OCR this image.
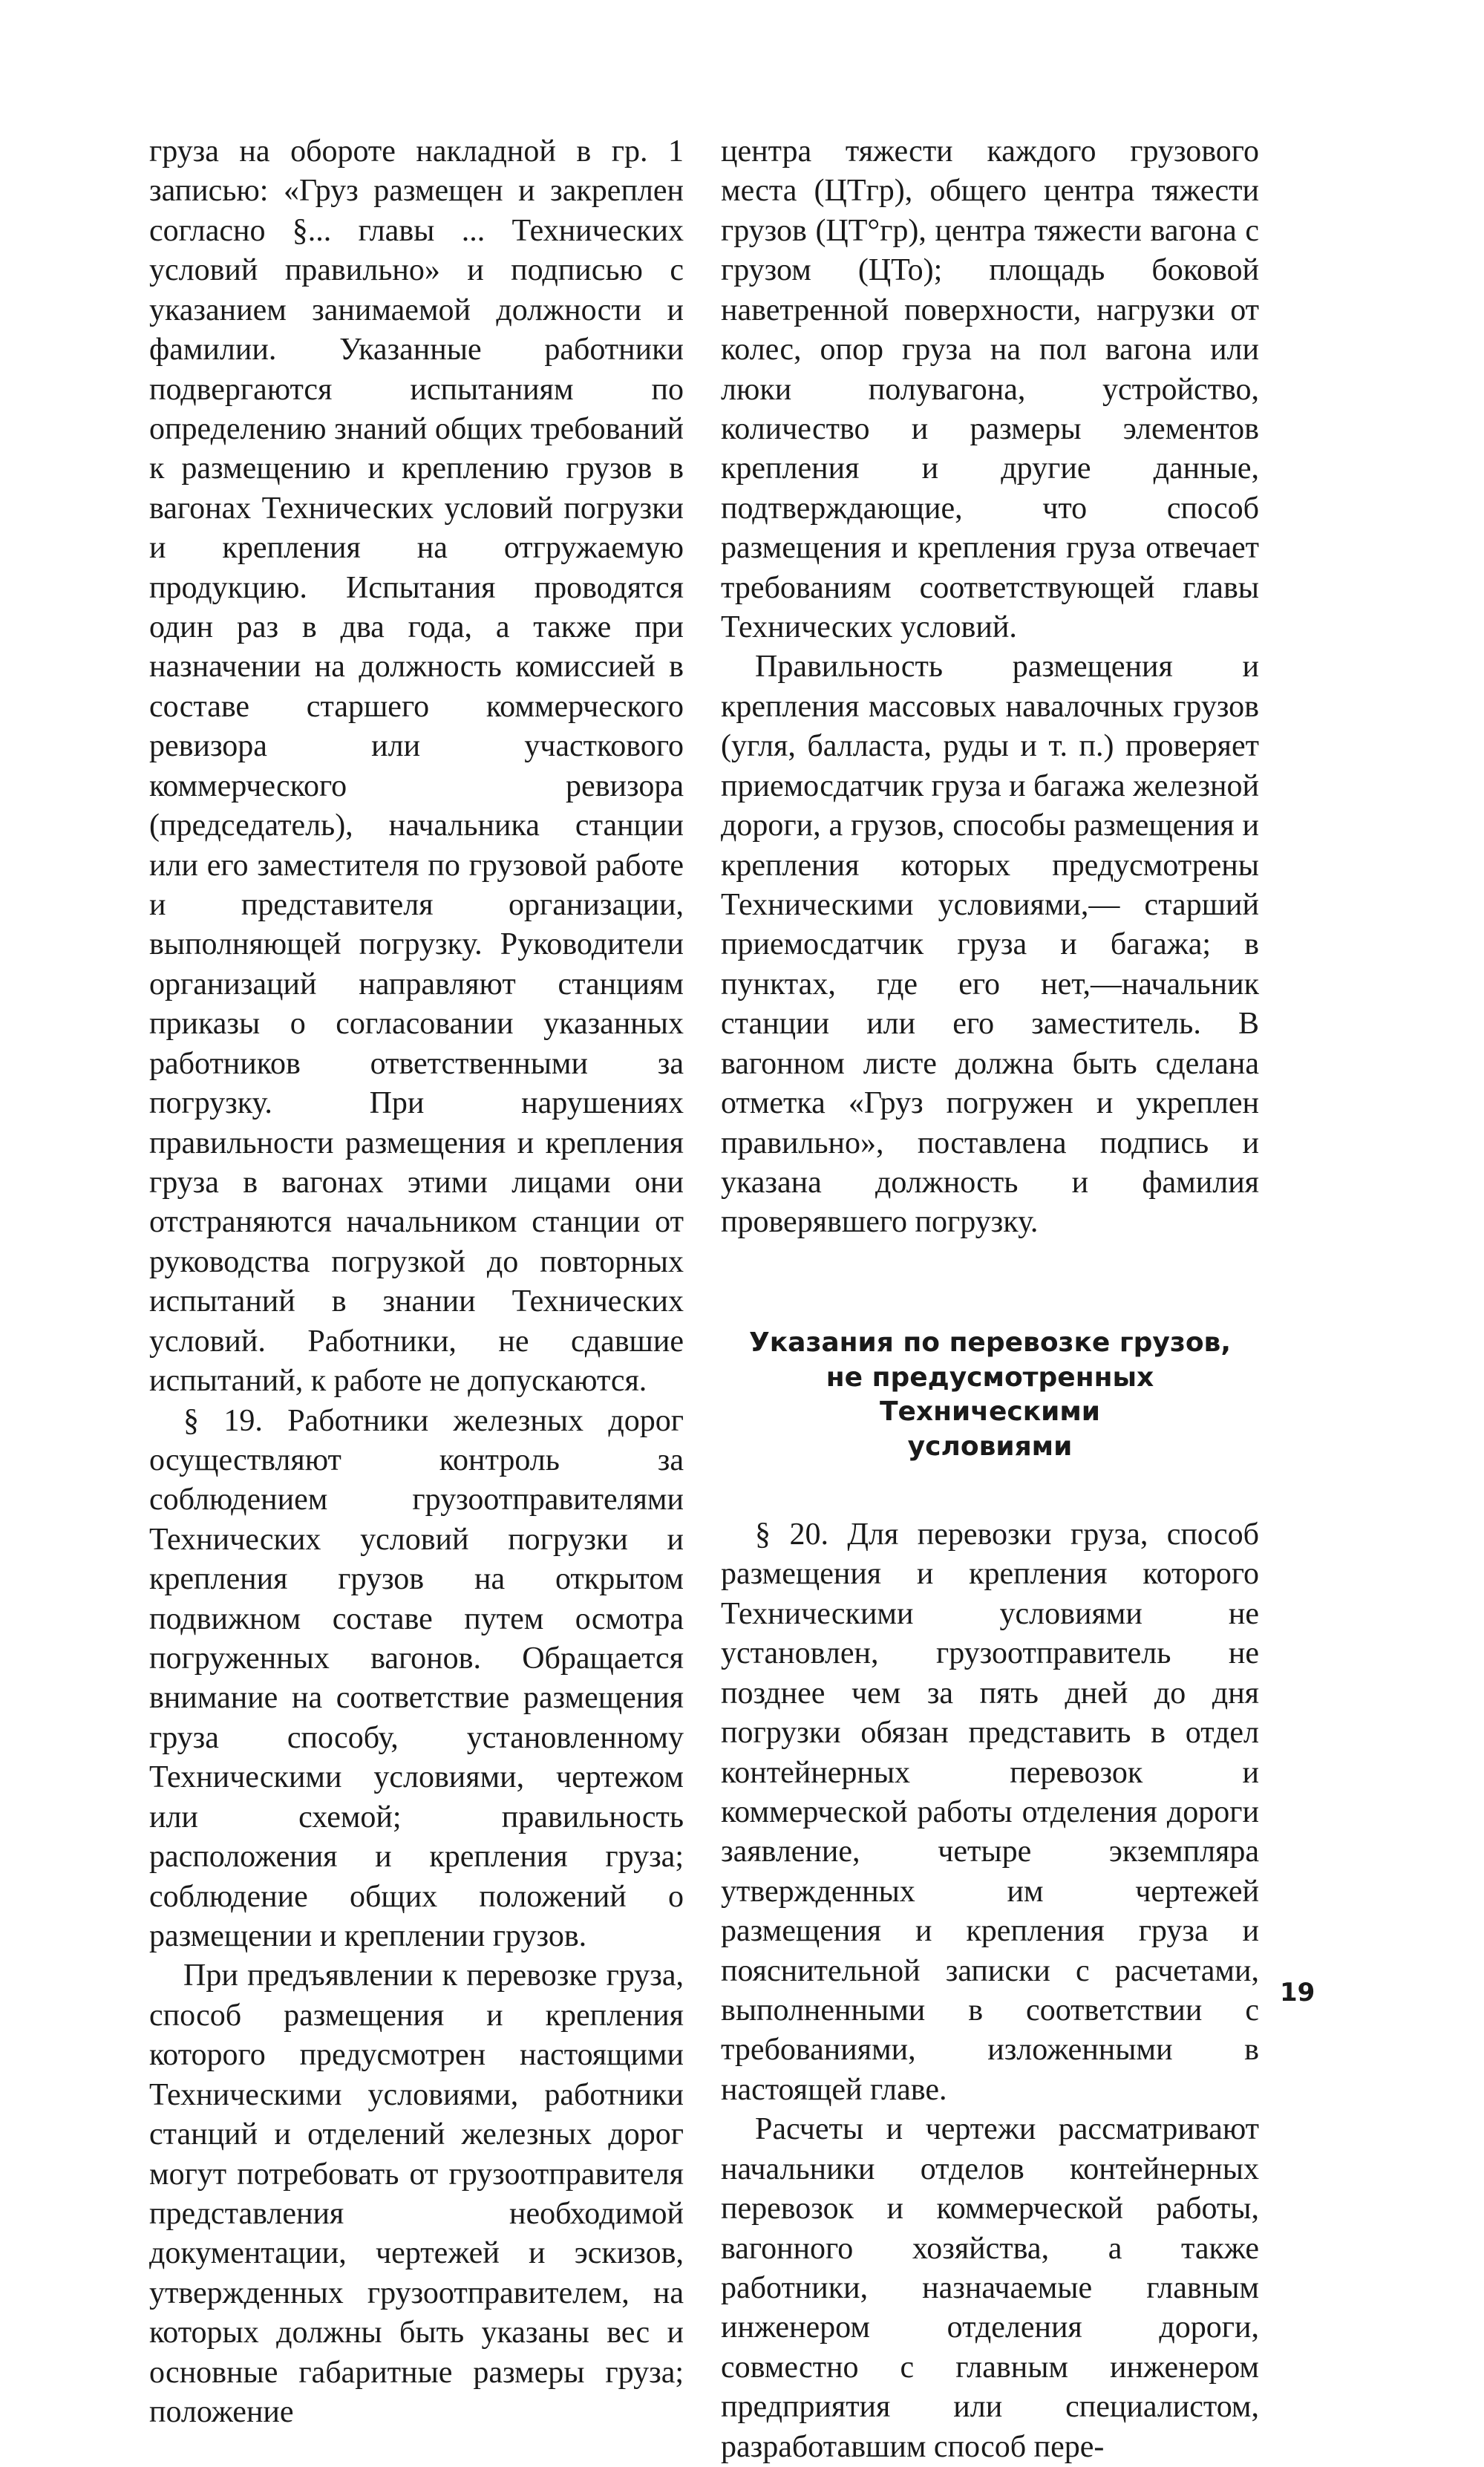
груза на обороте накладной в гр. 1 записью: «Груз размещен и закреплен согласно §... главы ... Технических условий правильно» и подписью с указанием занимаемой должности и фамилии. Указанные работники подвергаются испытаниям по определению знаний общих требований к размещению и креплению грузов в вагонах Технических условий погрузки и крепления на отгружаемую продукцию. Испытания проводятся один раз в два года, а также при назначении на должность комиссией в составе старшего коммерческого ревизора или участкового коммерческого ревизора (председатель), начальника станции или его заместителя по грузовой работе и представителя организации, выполняющей погрузку. Руководители организаций направляют станциям приказы о согласовании указанных работников ответственными за погрузку. При нарушениях правильности размещения и крепления груза в вагонах этими лицами они отстраняются начальником станции от руководства погрузкой до повторных испытаний в знании Технических условий. Работники, не сдавшие испытаний, к работе не допускаются.

§ 19. Работники железных дорог осуществляют контроль за соблюдением грузоотправителями Технических условий погрузки и крепления грузов на открытом подвижном составе путем осмотра погруженных вагонов. Обращается внимание на соответствие размещения груза способу, установленному Техническими условиями, чертежом или схемой; правильность расположения и крепления груза; соблюдение общих положений о размещении и креплении грузов.

При предъявлении к перевозке груза, способ размещения и крепления которого предусмотрен настоящими Техническими условиями, работники станций и отделений железных дорог могут потребовать от грузоотправителя представления необходимой документации, чертежей и эскизов, утвержденных грузоотправителем, на которых должны быть указаны вес и основные габаритные размеры груза; положение

центра тяжести каждого грузового места (ЦТгр), общего центра тяжести грузов (ЦТ°гр), центра тяжести вагона с грузом (ЦТо); площадь боковой наветренной поверхности, нагрузки от колес, опор груза на пол вагона или люки полувагона, устройство, количество и размеры элементов крепления и другие данные, подтверждающие, что способ размещения и крепления груза отвечает требованиям соответствующей главы Технических условий.

Правильность размещения и крепления массовых навалочных грузов (угля, балласта, руды и т. п.) проверяет приемосдатчик груза и багажа железной дороги, а грузов, способы размещения и крепления которых предусмотрены Техническими условиями,— старший приемосдатчик груза и багажа; в пунктах, где его нет,—начальник станции или его заместитель. В вагонном листе должна быть сделана отметка «Груз погружен и укреплен правильно», поставлена подпись и указана должность и фамилия проверявшего погрузку.

Указания по перевозке грузов,
не предусмотренных Техническими
условиями

§ 20. Для перевозки груза, способ размещения и крепления которого Техническими условиями не установлен, грузоотправитель не позднее чем за пять дней до дня погрузки обязан представить в отдел контейнерных перевозок и коммерческой работы отделения дороги заявление, четыре экземпляра утвержденных им чертежей размещения и крепления груза и пояснительной записки с расчетами, выполненными в соответствии с требованиями, изложенными в настоящей главе.

Расчеты и чертежи рассматривают начальники отделов контейнерных перевозок и коммерческой работы, вагонного хозяйства, а также работники, назначаемые главным инженером отделения дороги, совместно с главным инженером предприятия или специалистом, разработавшим способ пере-

19
